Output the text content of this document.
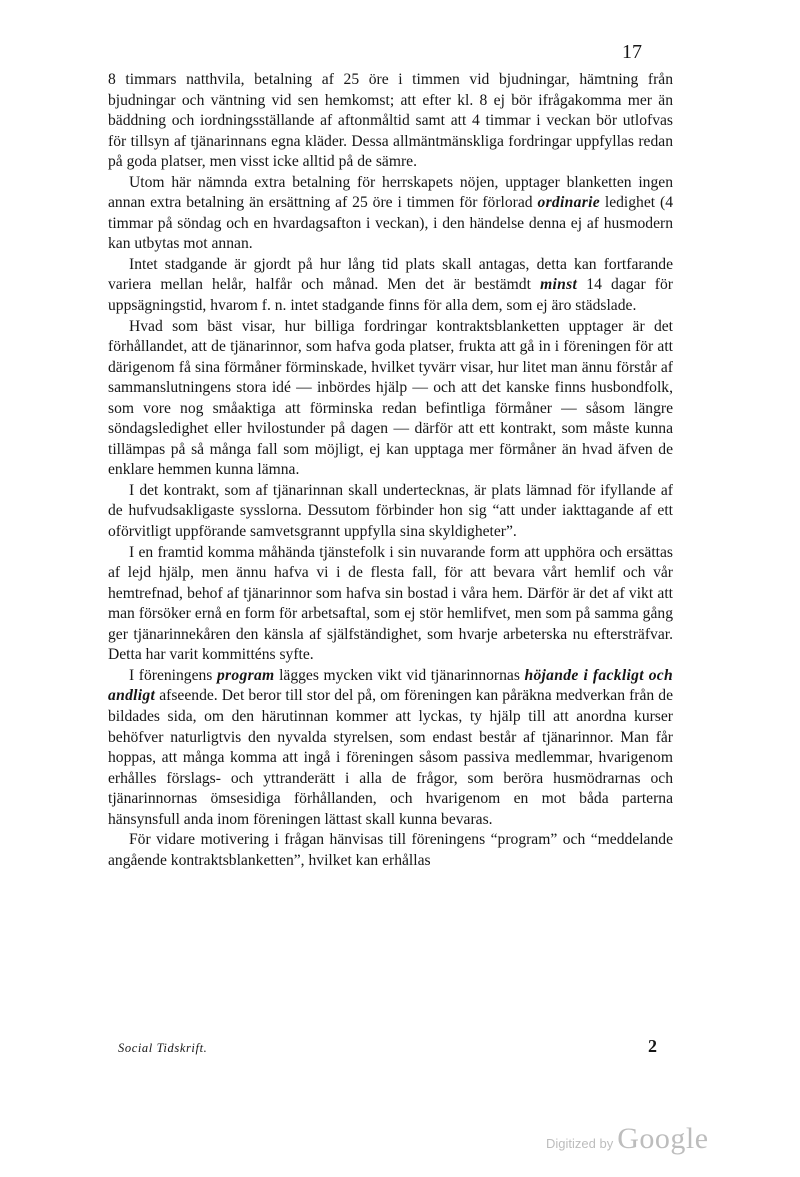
17

8 timmars natthvila, betalning af 25 öre i timmen vid bjudningar, hämtning från bjudningar och väntning vid sen hemkomst; att efter kl. 8 ej bör ifrågakomma mer än bäddning och iordningsställande af aftonmåltid samt att 4 timmar i veckan bör utlofvas för tillsyn af tjänarinnans egna kläder. Dessa allmäntmänskliga fordringar uppfyllas redan på goda platser, men visst icke alltid på de sämre.

Utom här nämnda extra betalning för herrskapets nöjen, upptager blanketten ingen annan extra betalning än ersättning af 25 öre i timmen för förlorad ordinarie ledighet (4 timmar på söndag och en hvardagsafton i veckan), i den händelse denna ej af husmodern kan utbytas mot annan.

Intet stadgande är gjordt på hur lång tid plats skall antagas, detta kan fortfarande variera mellan helår, halfår och månad. Men det är bestämdt minst 14 dagar för uppsägningstid, hvarom f. n. intet stadgande finns för alla dem, som ej äro städslade.

Hvad som bäst visar, hur billiga fordringar kontraktsblanketten upptager är det förhållandet, att de tjänarinnor, som hafva goda platser, frukta att gå in i föreningen för att därigenom få sina förmåner förminskade, hvilket tyvärr visar, hur litet man ännu förstår af sammanslutningens stora idé — inbördes hjälp — och att det kanske finns husbondfolk, som vore nog småaktiga att förminska redan befintliga förmåner — såsom längre söndagsledighet eller hvilostunder på dagen — därför att ett kontrakt, som måste kunna tillämpas på så många fall som möjligt, ej kan upptaga mer förmåner än hvad äfven de enklare hemmen kunna lämna.

I det kontrakt, som af tjänarinnan skall undertecknas, är plats lämnad för ifyllande af de hufvudsakligaste sysslorna. Dessutom förbinder hon sig “att under iakttagande af ett oförvitligt uppförande samvetsgrannt uppfylla sina skyldigheter”.

I en framtid komma måhända tjänstefolk i sin nuvarande form att upphöra och ersättas af lejd hjälp, men ännu hafva vi i de flesta fall, för att bevara vårt hemlif och vår hemtrefnad, behof af tjänarinnor som hafva sin bostad i våra hem. Därför är det af vikt att man försöker ernå en form för arbetsaftal, som ej stör hemlifvet, men som på samma gång ger tjänarinnekåren den känsla af själfständighet, som hvarje arbeterska nu eftersträfvar. Detta har varit kommitténs syfte.

I föreningens program lägges mycken vikt vid tjänarinnornas höjande i fackligt och andligt afseende. Det beror till stor del på, om föreningen kan påräkna medverkan från de bildades sida, om den härutinnan kommer att lyckas, ty hjälp till att anordna kurser behöfver naturligtvis den nyvalda styrelsen, som endast består af tjänarinnor. Man får hoppas, att många komma att ingå i föreningen såsom passiva medlemmar, hvarigenom erhålles förslags- och yttranderätt i alla de frågor, som beröra husmödrarnas och tjänarinnornas ömsesidiga förhållanden, och hvarigenom en mot båda parterna hänsynsfull anda inom föreningen lättast skall kunna bevaras.

För vidare motivering i frågan hänvisas till föreningens “program” och “meddelande angående kontraktsblanketten”, hvilket kan erhållas

Social Tidskrift.	2
Digitized by Google
